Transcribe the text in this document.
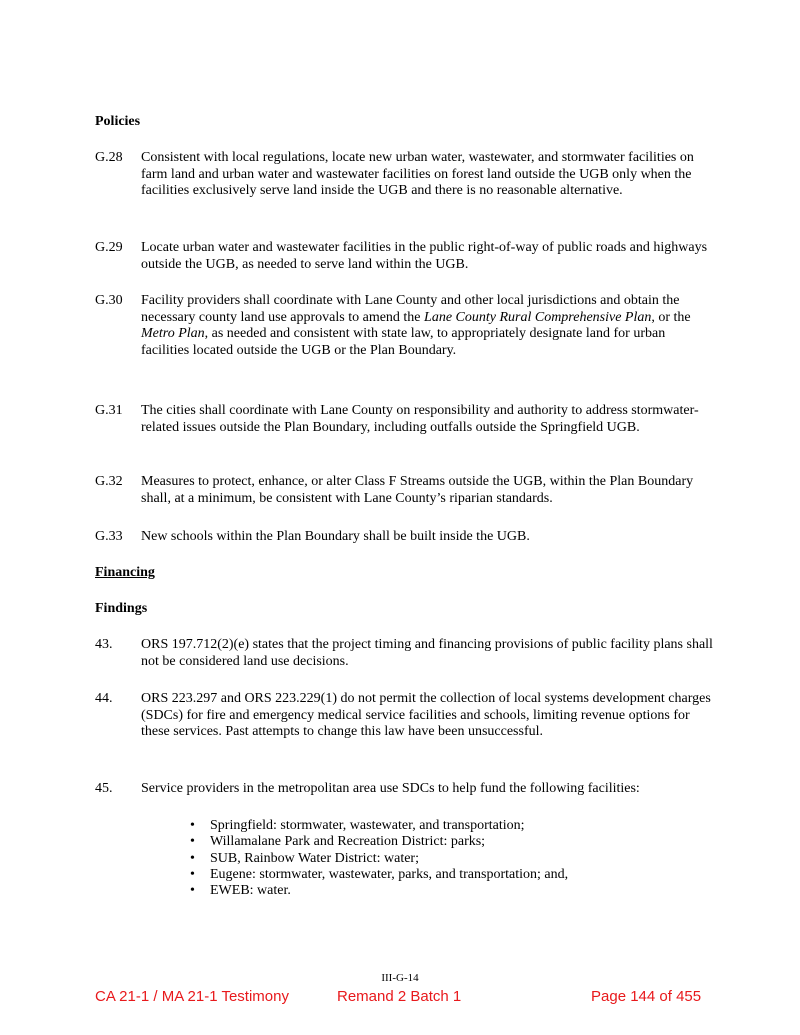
Policies
G.28 Consistent with local regulations, locate new urban water, wastewater, and stormwater facilities on farm land and urban water and wastewater facilities on forest land outside the UGB only when the facilities exclusively serve land inside the UGB and there is no reasonable alternative.
G.29 Locate urban water and wastewater facilities in the public right-of-way of public roads and highways outside the UGB, as needed to serve land within the UGB.
G.30 Facility providers shall coordinate with Lane County and other local jurisdictions and obtain the necessary county land use approvals to amend the Lane County Rural Comprehensive Plan, or the Metro Plan, as needed and consistent with state law, to appropriately designate land for urban facilities located outside the UGB or the Plan Boundary.
G.31 The cities shall coordinate with Lane County on responsibility and authority to address stormwater-related issues outside the Plan Boundary, including outfalls outside the Springfield UGB.
G.32 Measures to protect, enhance, or alter Class F Streams outside the UGB, within the Plan Boundary shall, at a minimum, be consistent with Lane County’s riparian standards.
G.33 New schools within the Plan Boundary shall be built inside the UGB.
Financing
Findings
43. ORS 197.712(2)(e) states that the project timing and financing provisions of public facility plans shall not be considered land use decisions.
44. ORS 223.297 and ORS 223.229(1) do not permit the collection of local systems development charges (SDCs) for fire and emergency medical service facilities and schools, limiting revenue options for these services. Past attempts to change this law have been unsuccessful.
45. Service providers in the metropolitan area use SDCs to help fund the following facilities:
• Springfield: stormwater, wastewater, and transportation;
• Willamalane Park and Recreation District: parks;
• SUB, Rainbow Water District: water;
• Eugene: stormwater, wastewater, parks, and transportation; and,
• EWEB: water.
III-G-14
CA 21-1 / MA 21-1 Testimony	Remand 2 Batch 1	Page 144 of 455
